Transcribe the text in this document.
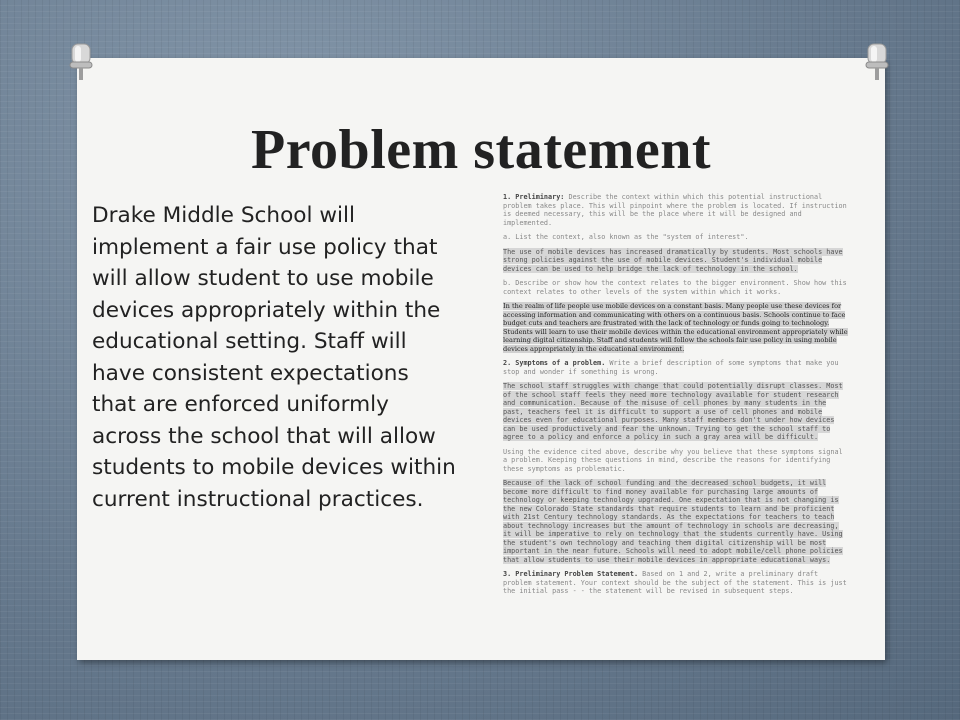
Problem statement
Drake Middle School will implement a fair use policy that will allow student to use mobile devices appropriately within the educational setting. Staff will have consistent expectations that are enforced uniformly across the school that will allow students to mobile devices within current instructional practices.

1. Preliminary: Describe the context within which this potential instructional problem takes place. This will pinpoint where the problem is located. If instruction is deemed necessary, this will be the place where it will be designed and implemented.

a. List the context, also known as the "system of interest".

The use of mobile devices has increased dramatically by students. Most schools have strong policies against the use of mobile devices. Student's individual mobile devices can be used to help bridge the lack of technology in the school.

b. Describe or show how the context relates to the bigger environment. Show how this context relates to other levels of the system within which it works.

In the realm of life people use mobile devices on a constant basis. Many people use these devices for accessing information and communicating with others on a continuous basis. Schools continue to face budget cuts and teachers are frustrated with the lack of technology or funds going to technology. Students will learn to use their mobile devices within the educational environment appropriately while learning digital citizenship. Staff and students will follow the schools fair use policy in using mobile devices appropriately in the educational environment.

2. Symptoms of a problem. Write a brief description of some symptoms that make you stop and wonder if something is wrong.

The school staff struggles with change that could potentially disrupt classes. Most of the school staff feels they need more technology available for student research and communication. Because of the misuse of cell phones by many students in the past, teachers feel it is difficult to support a use of cell phones and mobile devices even for educational purposes. Many staff members don't under how devices can be used productively and fear the unknown. Trying to get the school staff to agree to a policy and enforce a policy in such a gray area will be difficult.

Using the evidence cited above, describe why you believe that these symptoms signal a problem. Keeping these questions in mind, describe the reasons for identifying these symptoms as problematic.

Because of the lack of school funding and the decreased school budgets, it will become more difficult to find money available for purchasing large amounts of technology or keeping technology upgraded. One expectation that is not changing is the new Colorado State standards that require students to learn and be proficient with 21st Century technology standards. As the expectations for teachers to teach about technology increases but the amount of technology in schools are decreasing, it will be imperative to rely on technology that the students currently have. Using the student's own technology and teaching them digital citizenship will be most important in the near future. Schools will need to adopt mobile/cell phone policies that allow students to use their mobile devices in appropriate educational ways.

3. Preliminary Problem Statement. Based on 1 and 2, write a preliminary draft problem statement. Your context should be the subject of the statement. This is just the initial pass - - the statement will be revised in subsequent steps.
